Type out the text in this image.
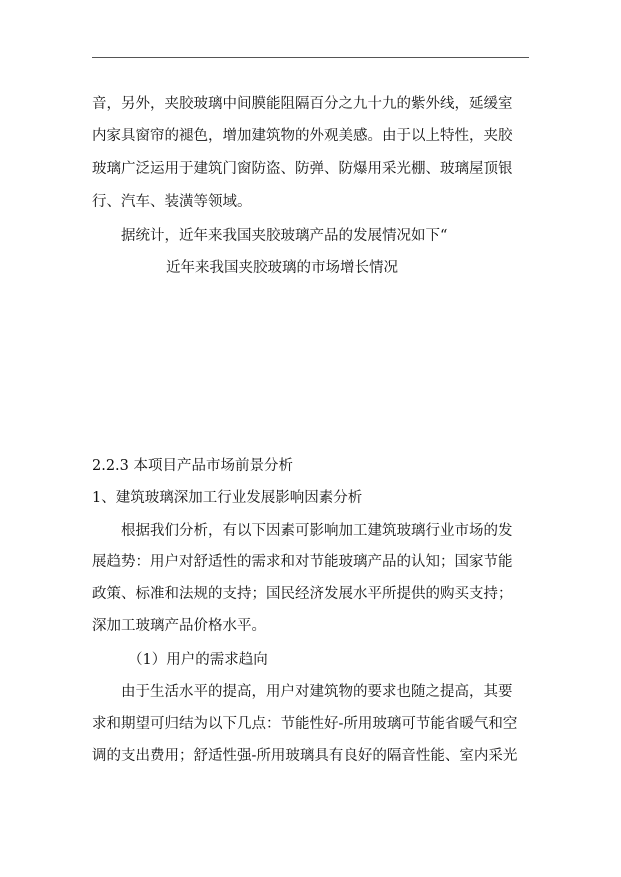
音，另外，夹胶玻璃中间膜能阻隔百分之九十九的紫外线，延缓室
内家具窗帘的褪色，增加建筑物的外观美感。由于以上特性，夹胶
玻璃广泛运用于建筑门窗防盗、防弹、防爆用采光棚、玻璃屋顶银
行、汽车、装潢等领域。
据统计，近年来我国夹胶玻璃产品的发展情况如下“
近年来我国夹胶玻璃的市场增长情况
2.2.3 本项目产品市场前景分析
1、建筑玻璃深加工行业发展影响因素分析
根据我们分析，有以下因素可影响加工建筑玻璃行业市场的发
展趋势：用户对舒适性的需求和对节能玻璃产品的认知；国家节能
政策、标准和法规的支持；国民经济发展水平所提供的购买支持；
深加工玻璃产品价格水平。
（1）用户的需求趋向
由于生活水平的提高，用户对建筑物的要求也随之提高，其要
求和期望可归结为以下几点：节能性好-所用玻璃可节能省暖气和空
调的支出费用；舒适性强-所用玻璃具有良好的隔音性能、室内采光
